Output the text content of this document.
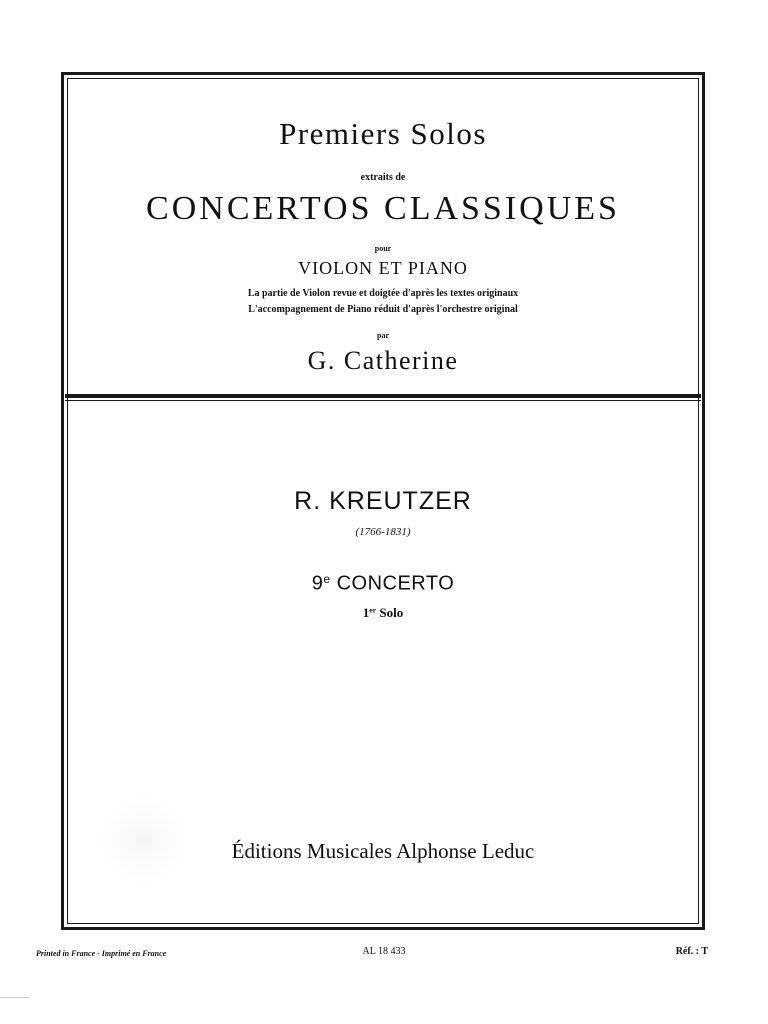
Premiers Solos
extraits de
CONCERTOS CLASSIQUES
pour
VIOLON ET PIANO
La partie de Violon revue et doigtée d'après les textes originaux
L'accompagnement de Piano réduit d'après l'orchestre original
par
G. Catherine
R. KREUTZER
(1766-1831)
9e CONCERTO
1er Solo
Éditions Musicales Alphonse Leduc
Printed in France - Imprimé en France	AL 18 433	Réf. : T
